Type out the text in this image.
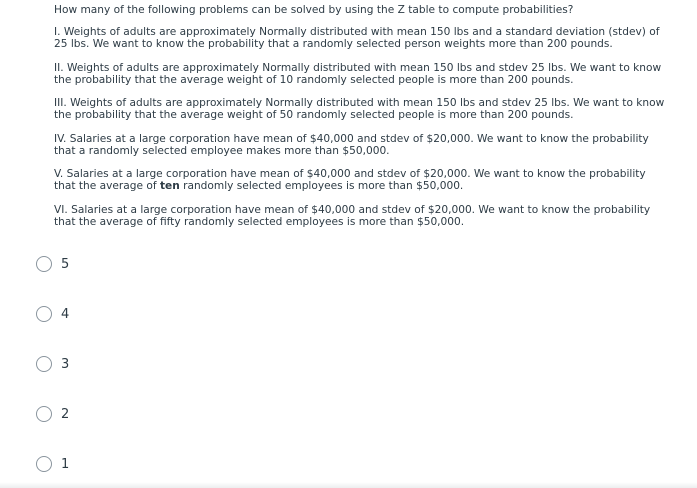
How many of the following problems can be solved by using the Z table to compute probabilities?

I. Weights of adults are approximately Normally distributed with mean 150 lbs and a standard deviation (stdev) of 25 lbs. We want to know the probability that a randomly selected person weights more than 200 pounds.

II. Weights of adults are approximately Normally distributed with mean 150 lbs and stdev 25 lbs. We want to know the probability that the average weight of 10 randomly selected people is more than 200 pounds.

III. Weights of adults are approximately Normally distributed with mean 150 lbs and stdev 25 lbs. We want to know the probability that the average weight of 50 randomly selected people is more than 200 pounds.

IV. Salaries at a large corporation have mean of $40,000 and stdev of $20,000. We want to know the probability that a randomly selected employee makes more than $50,000.

V. Salaries at a large corporation have mean of $40,000 and stdev of $20,000. We want to know the probability that the average of ten randomly selected employees is more than $50,000.

VI. Salaries at a large corporation have mean of $40,000 and stdev of $20,000. We want to know the probability that the average of fifty randomly selected employees is more than $50,000.

5
4
3
2
1
